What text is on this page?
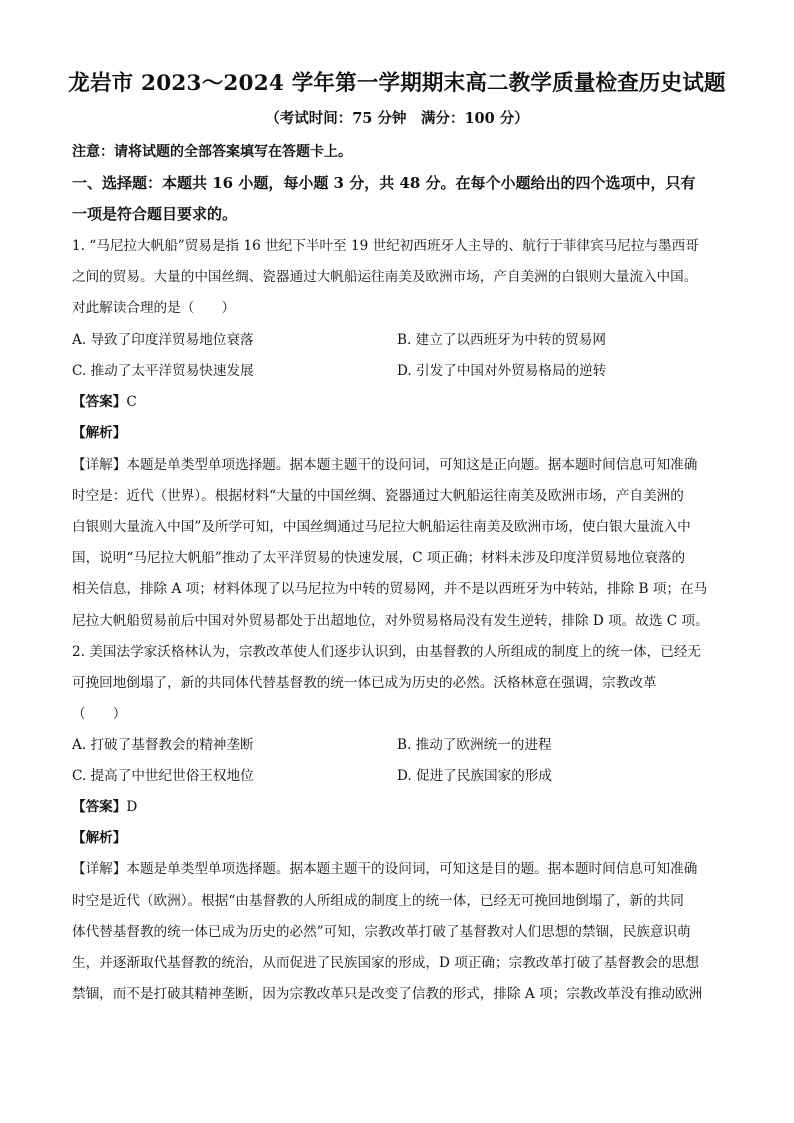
龙岩市 2023～2024 学年第一学期期末高二教学质量检查历史试题
（考试时间：75 分钟　满分：100 分）
注意：请将试题的全部答案填写在答题卡上。
一、选择题：本题共 16 小题，每小题 3 分，共 48 分。在每个小题给出的四个选项中，只有
一项是符合题目要求的。
1. “马尼拉大帆船”贸易是指 16 世纪下半叶至 19 世纪初西班牙人主导的、航行于菲律宾马尼拉与墨西哥
之间的贸易。大量的中国丝绸、瓷器通过大帆船运往南美及欧洲市场，产自美洲的白银则大量流入中国。
对此解读合理的是（　　）
A. 导致了印度洋贸易地位衰落	B. 建立了以西班牙为中转的贸易网
C. 推动了太平洋贸易快速发展	D. 引发了中国对外贸易格局的逆转
【答案】C
【解析】
【详解】本题是单类型单项选择题。据本题主题干的设问词，可知这是正向题。据本题时间信息可知准确
时空是：近代（世界）。根据材料“大量的中国丝绸、瓷器通过大帆船运往南美及欧洲市场，产自美洲的
白银则大量流入中国”及所学可知，中国丝绸通过马尼拉大帆船运往南美及欧洲市场，使白银大量流入中
国，说明“马尼拉大帆船”推动了太平洋贸易的快速发展，C 项正确；材料未涉及印度洋贸易地位衰落的
相关信息，排除 A 项；材料体现了以马尼拉为中转的贸易网，并不是以西班牙为中转站，排除 B 项；在马
尼拉大帆船贸易前后中国对外贸易都处于出超地位，对外贸易格局没有发生逆转，排除 D 项。故选 C 项。
2. 美国法学家沃格林认为，宗教改革使人们逐步认识到，由基督教的人所组成的制度上的统一体，已经无
可挽回地倒塌了，新的共同体代替基督教的统一体已成为历史的必然。沃格林意在强调，宗教改革
（　　）
A. 打破了基督教会的精神垄断	B. 推动了欧洲统一的进程
C. 提高了中世纪世俗王权地位	D. 促进了民族国家的形成
【答案】D
【解析】
【详解】本题是单类型单项选择题。据本题主题干的设问词，可知这是目的题。据本题时间信息可知准确
时空是近代（欧洲）。根据“由基督教的人所组成的制度上的统一体，已经无可挽回地倒塌了，新的共同
体代替基督教的统一体已成为历史的必然”可知，宗教改革打破了基督教对人们思想的禁锢，民族意识萌
生，并逐渐取代基督教的统治，从而促进了民族国家的形成，D 项正确；宗教改革打破了基督教会的思想
禁锢，而不是打破其精神垄断，因为宗教改革只是改变了信教的形式，排除 A 项；宗教改革没有推动欧洲
